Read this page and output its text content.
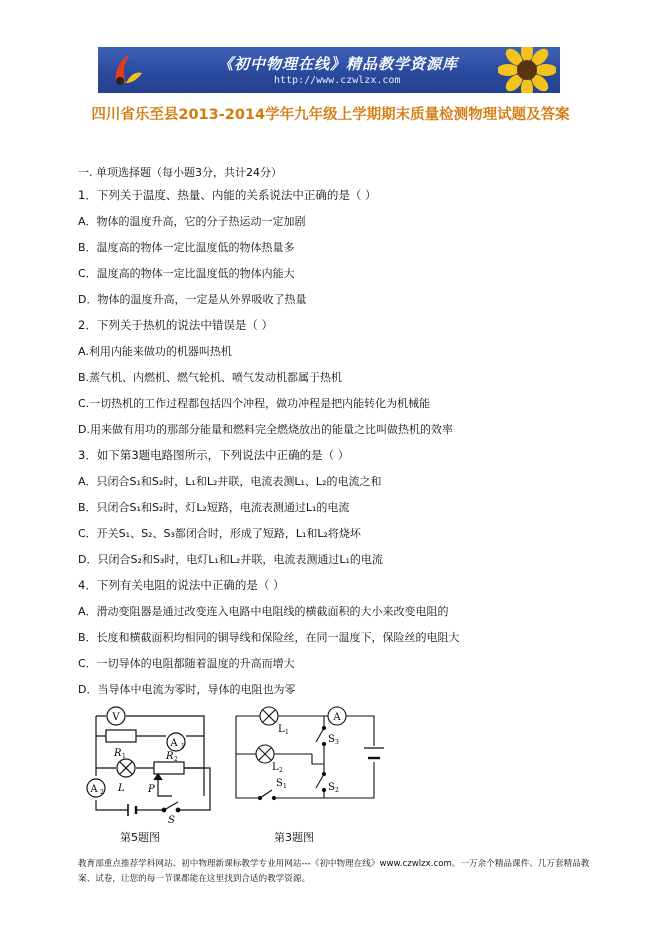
《初中物理在线》精品教学资源库
http://www.czwlzx.com
四川省乐至县2013-2014学年九年级上学期期末质量检测物理试题及答案
一. 单项选择题（每小题3分，共计24分）
1．下列关于温度、热量、内能的关系说法中正确的是（ ）
A．物体的温度升高，它的分子热运动一定加剧
B．温度高的物体一定比温度低的物体热量多
C．温度高的物体一定比温度低的物体内能大
D．物体的温度升高，一定是从外界吸收了热量
2．下列关于热机的说法中错误是（ ）
A.利用内能来做功的机器叫热机
B.蒸气机、内燃机、燃气轮机、喷气发动机都属于热机
C.一切热机的工作过程都包括四个冲程，做功冲程是把内能转化为机械能
D.用来做有用功的那部分能量和燃料完全燃烧放出的能量之比叫做热机的效率
3．如下第3题电路图所示，下列说法中正确的是（ ）
A．只闭合S₁和S₂时，L₁和L₂并联，电流表测L₁、L₂的电流之和
B．只闭合S₁和S₂时，灯L₂短路，电流表测通过L₁的电流
C．开关S₁、S₂、S₃都闭合时，形成了短路，L₁和L₂将烧坏
D．只闭合S₂和S₃时，电灯L₁和L₂并联，电流表测通过L₁的电流
4．下列有关电阻的说法中正确的是（ ）
A．滑动变阻器是通过改变连入电路中电阻线的横截面积的大小来改变电阻的
B．长度和横截面积均相同的铜导线和保险丝，在同一温度下，保险丝的电阻大
C．一切导体的电阻都随着温度的升高而增大
D．当导体中电流为零时，导体的电阻也为零
V
A 1
A 2
R 1	R 2
L P
S
第5题图
L 1
L 2
A
S 3
S 2
S 1
第3题图
教育部重点推荐学科网站、初中物理新课标教学专业用网站---《初中物理在线》www.czwlzx.com。一万余个精品课件、几万套精品教案、试卷，让您的每一节课都能在这里找到合适的教学资源。
